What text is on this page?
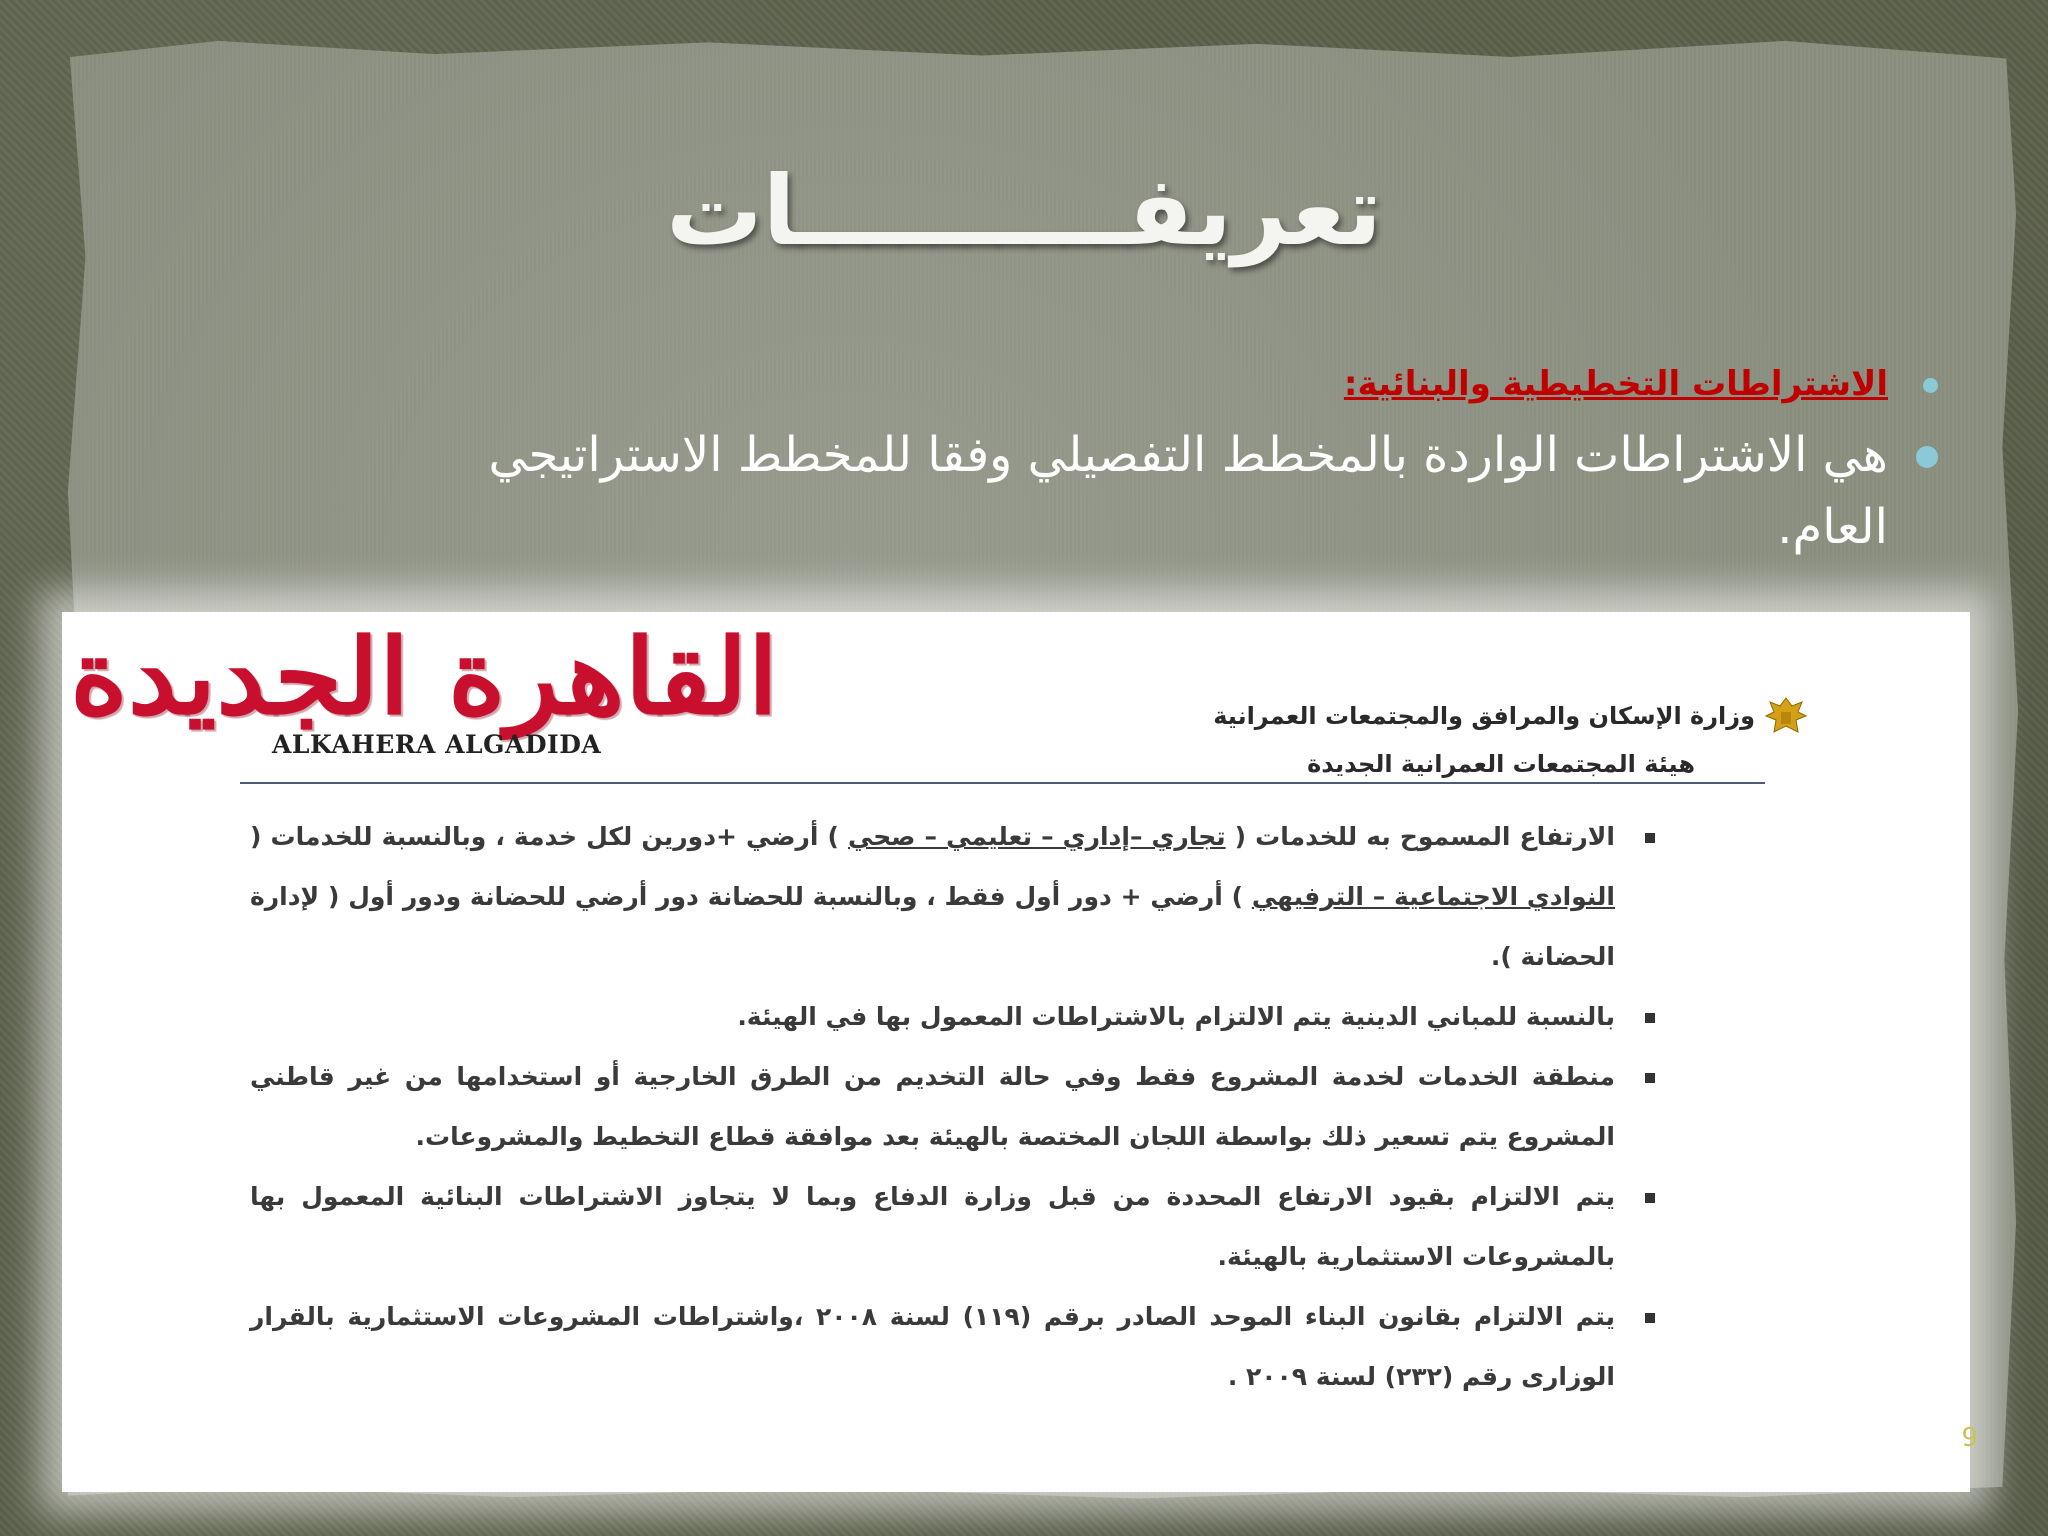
تعريفــــــــــات
الاشتراطات التخطيطية والبنائية:
هي الاشتراطات الواردة بالمخطط التفصيلي وفقا للمخطط الاستراتيجي
العام.
القاهرة الجديدة
ALKAHERA ALGADIDA
وزارة الإسكان والمرافق والمجتمعات العمرانية
هيئة المجتمعات العمرانية الجديدة
الارتفاع المسموح به للخدمات ( تجاري –إداري – تعليمي – صحي ) أرضي +دورين لكل خدمة ، وبالنسبة للخدمات ( النوادي الاجتماعية – الترفيهي ) أرضي + دور أول فقط ، وبالنسبة للحضانة دور أرضي للحضانة ودور أول ( لإدارة الحضانة ).
بالنسبة للمباني الدينية يتم الالتزام بالاشتراطات المعمول بها في الهيئة.
منطقة الخدمات لخدمة المشروع فقط وفي حالة التخديم من الطرق الخارجية أو استخدامها من غير قاطني المشروع يتم تسعير ذلك بواسطة اللجان المختصة بالهيئة بعد موافقة قطاع التخطيط والمشروعات.
يتم الالتزام بقيود الارتفاع المحددة من قبل وزارة الدفاع وبما لا يتجاوز الاشتراطات البنائية المعمول بها بالمشروعات الاستثمارية بالهيئة.
يتم الالتزام بقانون البناء الموحد الصادر برقم (١١٩) لسنة ٢٠٠٨ ،واشتراطات المشروعات الاستثمارية بالقرار الوزارى رقم (٢٣٢) لسنة ٢٠٠٩ .
9
